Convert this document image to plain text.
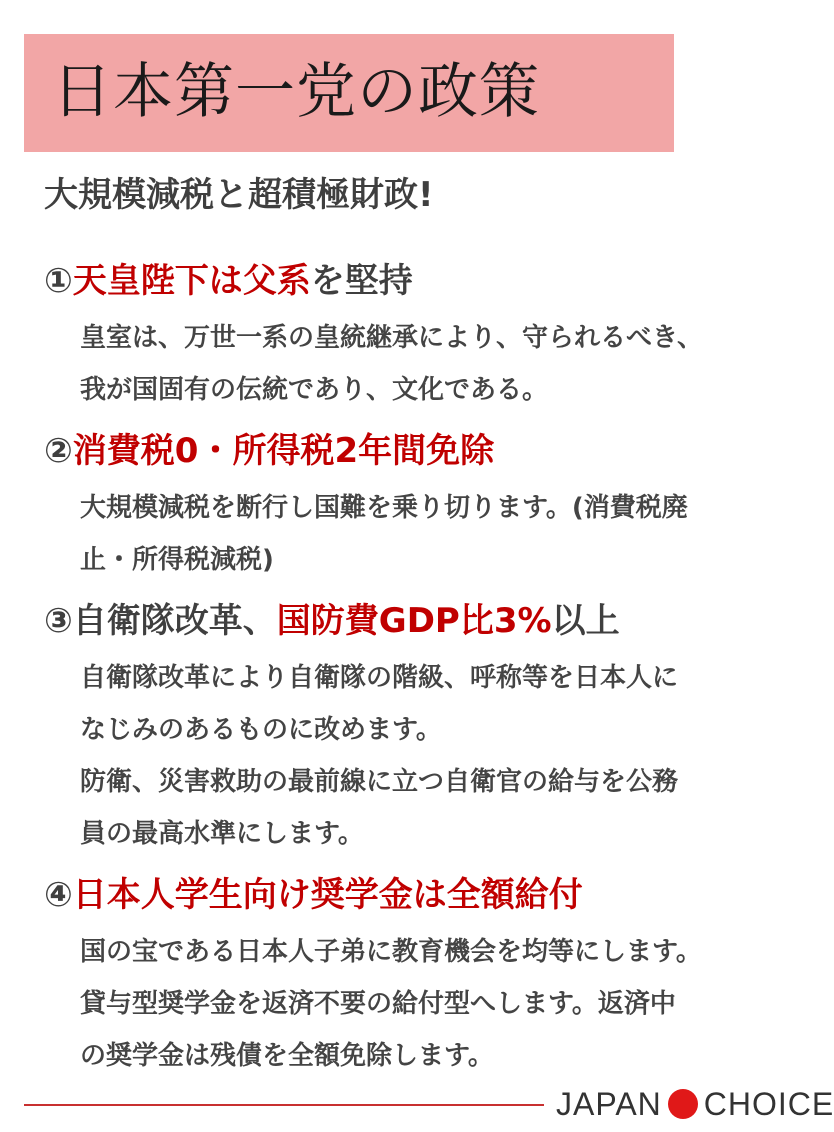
日本第一党の政策
大規模減税と超積極財政!
①天皇陛下は父系を堅持
皇室は、万世一系の皇統継承により、守られるべき、
我が国固有の伝統であり、文化である。
②消費税0・所得税2年間免除
大規模減税を断行し国難を乗り切ります。(消費税廃
止・所得税減税)
③自衛隊改革、国防費GDP比3%以上
自衛隊改革により自衛隊の階級、呼称等を日本人に
なじみのあるものに改めます。
防衛、災害救助の最前線に立つ自衛官の給与を公務
員の最高水準にします。
④日本人学生向け奨学金は全額給付
国の宝である日本人子弟に教育機会を均等にします。
貸与型奨学金を返済不要の給付型へします。返済中
の奨学金は残債を全額免除します。
JAPAN CHOICE
